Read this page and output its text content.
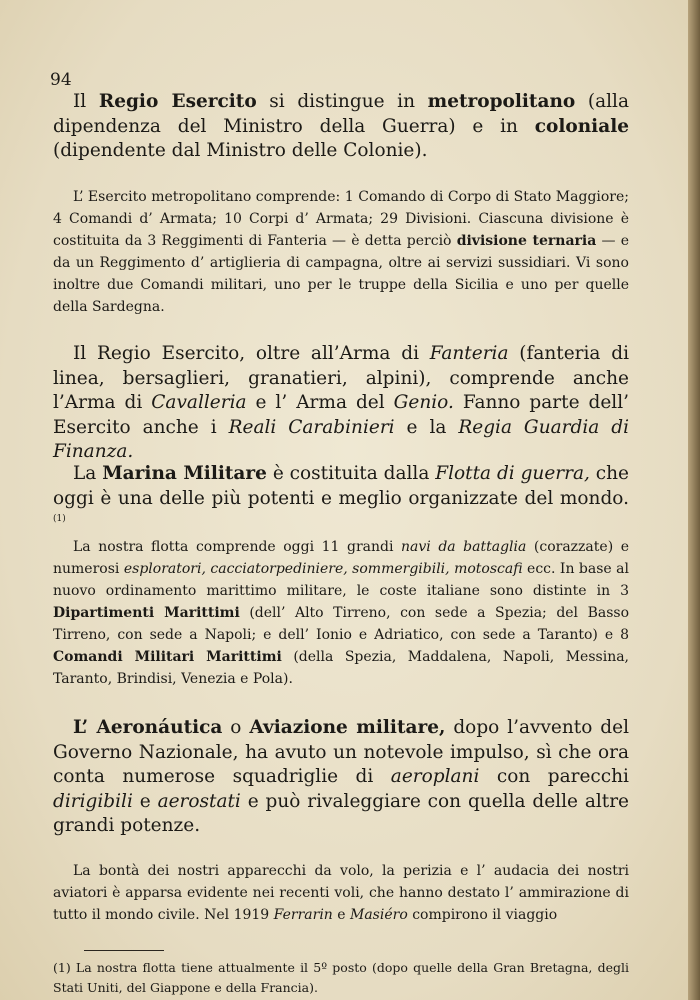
94

Il Regio Esercito si distingue in metropolitano (alla dipendenza del Ministro della Guerra) e in coloniale (dipendente dal Ministro delle Colonie).

L’ Esercito metropolitano comprende: 1 Comando di Corpo di Stato Maggiore; 4 Comandi d’ Armata; 10 Corpi d’ Armata; 29 Divisioni. Ciascuna divisione è costituita da 3 Reggimenti di Fanteria — è detta perciò divisione ternaria — e da un Reggimento d’ artiglieria di campagna, oltre ai servizi sussidiari. Vi sono inoltre due Comandi militari, uno per le truppe della Sicilia e uno per quelle della Sardegna.

Il Regio Esercito, oltre all’Arma di Fanteria (fanteria di linea, bersaglieri, granatieri, alpini), comprende anche l’Arma di Cavalleria e l’ Arma del Genio. Fanno parte dell’ Esercito anche i Reali Carabinieri e la Regia Guardia di Finanza.

La Marina Militare è costituita dalla Flotta di guerra, che oggi è una delle più potenti e meglio organizzate del mondo.$^{(1)}$

La nostra flotta comprende oggi 11 grandi navi da battaglia (corazzate) e numerosi esploratori, cacciatorpediniere, sommergibili, motoscafi ecc. In base al nuovo ordinamento marittimo militare, le coste italiane sono distinte in 3 Dipartimenti Marittimi (dell’ Alto Tirreno, con sede a Spezia; del Basso Tirreno, con sede a Napoli; e dell’ Ionio e Adriatico, con sede a Taranto) e 8 Comandi Militari Marittimi (della Spezia, Maddalena, Napoli, Messina, Taranto, Brindisi, Venezia e Pola).

L’ Aeronáutica o Aviazione militare, dopo l’avvento del Governo Nazionale, ha avuto un notevole impulso, sì che ora conta numerose squadriglie di aeroplani con parecchi dirigibili e aerostati e può rivaleggiare con quella delle altre grandi potenze.

La bontà dei nostri apparecchi da volo, la perizia e l’ audacia dei nostri aviatori è apparsa evidente nei recenti voli, che hanno destato l’ ammirazione di tutto il mondo civile. Nel 1919 Ferrarin e Masiéro compirono il viaggio

(1) La nostra flotta tiene attualmente il 5º posto (dopo quelle della Gran Bretagna, degli Stati Uniti, del Giappone e della Francia).
